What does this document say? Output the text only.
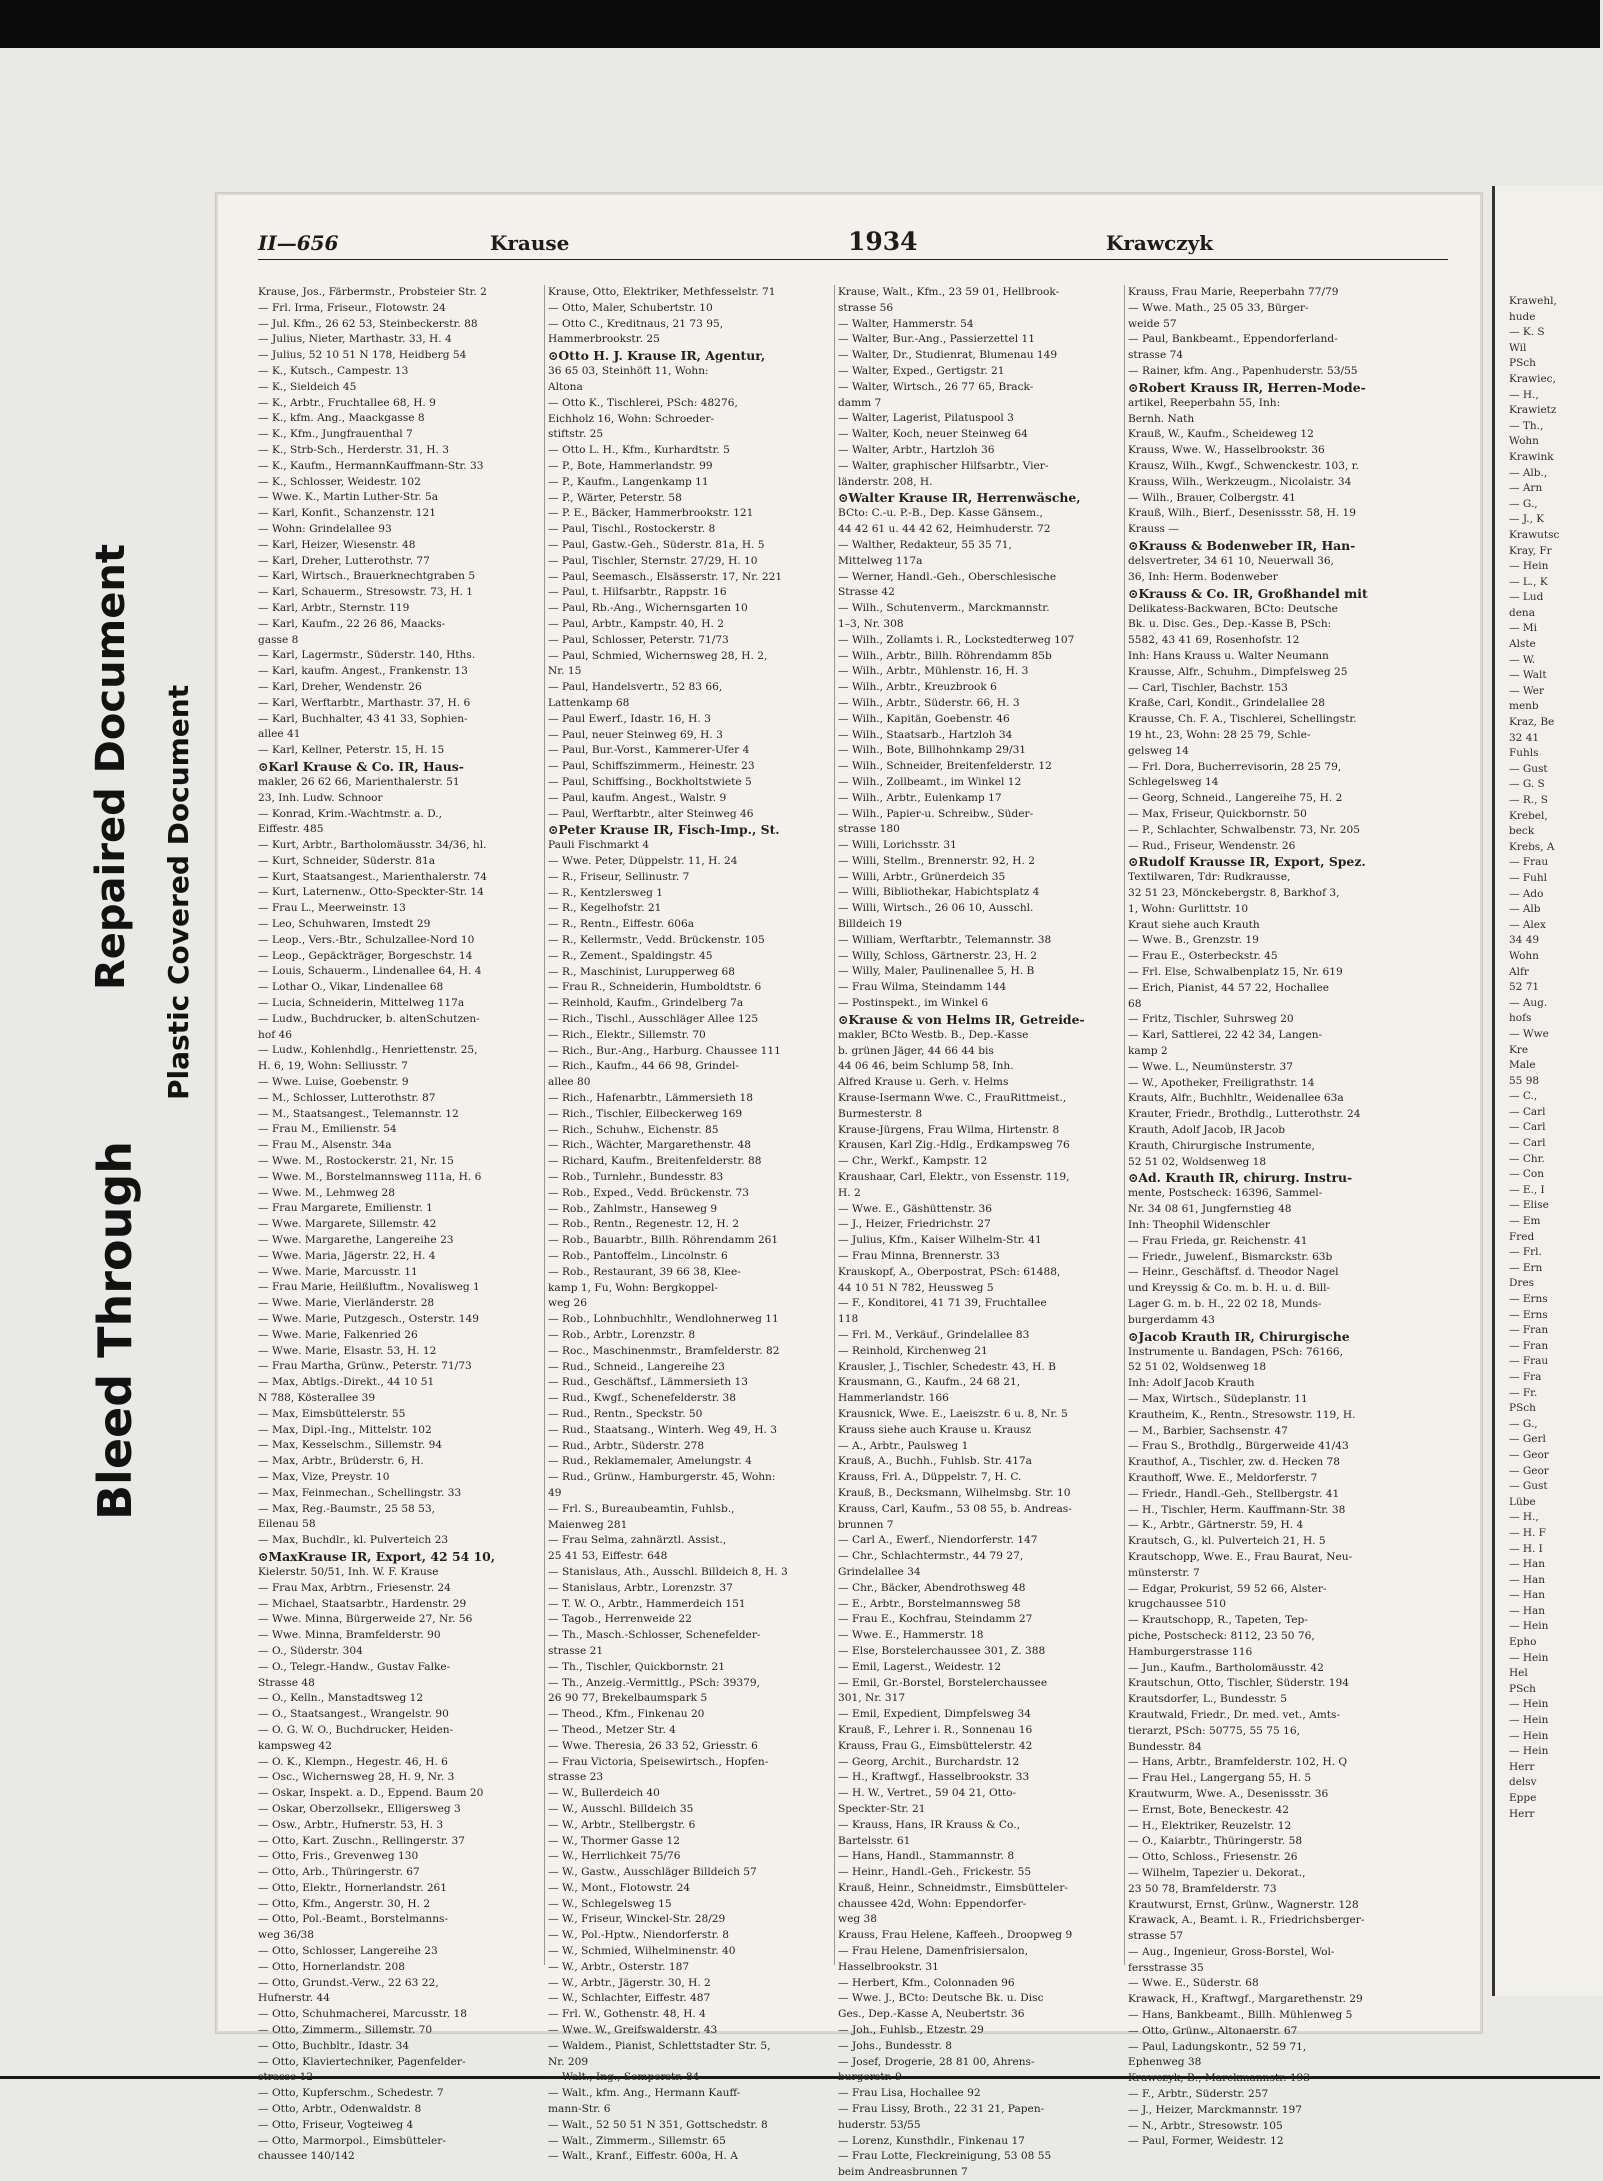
Bleed Through
Repaired Document Plastic Covered Document
II—656	Krause	1934	Krawczyk
Krause, Jos., Färbermstr., Probsteier Str. 2
— Frl. Irma, Friseur., Flotowstr. 24
— Jul. Kfm., 26 62 53, Steinbeckerstr. 88
— Julius, Nieter, Marthastr. 33, H. 4
— Julius, 52 10 51 N 178, Heidberg 54
— K., Kutsch., Campestr. 13
— K., Sieldeich 45
— K., Arbtr., Fruchtallee 68, H. 9
— K., kfm. Ang., Maackgasse 8
— K., Kfm., Jungfrauenthal 7
— K., Strb-Sch., Herderstr. 31, H. 3
— K., Kaufm., HermannKauffmann-Str. 33
— K., Schlosser, Weidestr. 102
— Wwe. K., Martin Luther-Str. 5a
— Karl, Konfit., Schanzenstr. 121
— Wohn: Grindelallee 93
— Karl, Heizer, Wiesenstr. 48
— Karl, Dreher, Lutterothstr. 77
— Karl, Wirtsch., Brauerknechtgraben 5
— Karl, Schauerm., Stresowstr. 73, H. 1
— Karl, Arbtr., Sternstr. 119
— Karl, Kaufm., 22 26 86, Maacks-
gasse 8
— Karl, Lagermstr., Süderstr. 140, Hths.
— Karl, kaufm. Angest., Frankenstr. 13
— Karl, Dreher, Wendenstr. 26
— Karl, Werftarbtr., Marthastr. 37, H. 6
— Karl, Buchhalter, 43 41 33, Sophien-
allee 41
— Karl, Kellner, Peterstr. 15, H. 15
⊙ Karl Krause & Co. IR, Haus-
makler, 26 62 66, Marienthalerstr. 51
23, Inh. Ludw. Schnoor
— Konrad, Krim.-Wachtmstr. a. D.,
Eiffestr. 485
— Kurt, Arbtr., Bartholomäusstr. 34/36, hl.
— Kurt, Schneider, Süderstr. 81a
— Kurt, Staatsangest., Marienthalerstr. 74
— Kurt, Laternenw., Otto-Speckter-Str. 14
— Frau L., Meerweinstr. 13
— Leo, Schuhwaren, Imstedt 29
— Leop., Vers.-Btr., Schulzallee-Nord 10
— Leop., Gepäckträger, Borgeschstr. 14
— Louis, Schauerm., Lindenallee 64, H. 4
— Lothar O., Vikar, Lindenallee 68
— Lucia, Schneiderin, Mittelweg 117a
— Ludw., Buchdrucker, b. altenSchutzen-
hof 46
— Ludw., Kohlenhdlg., Henriettenstr. 25,
H. 6, 19, Wohn: Selliusstr. 7
— Wwe. Luise, Goebenstr. 9
— M., Schlosser, Lutterothstr. 87
— M., Staatsangest., Telemannstr. 12
— Frau M., Emilienstr. 54
— Frau M., Alsenstr. 34a
— Wwe. M., Rostockerstr. 21, Nr. 15
— Wwe. M., Borstelmannsweg 111a, H. 6
— Wwe. M., Lehmweg 28
— Frau Margarete, Emilienstr. 1
— Wwe. Margarete, Sillemstr. 42
— Wwe. Margarethe, Langereihe 23
— Wwe. Maria, Jägerstr. 22, H. 4
— Wwe. Marie, Marcusstr. 11
— Frau Marie, Heilßluftm., Novalisweg 1
— Wwe. Marie, Vierländerstr. 28
— Wwe. Marie, Putzgesch., Osterstr. 149
— Wwe. Marie, Falkenried 26
— Wwe. Marie, Elsastr. 53, H. 12
— Frau Martha, Grünw., Peterstr. 71/73
— Max, Abtlgs.-Direkt., 44 10 51
N 788, Kösterallee 39
— Max, Eimsbüttelerstr. 55
— Max, Dipl.-Ing., Mittelstr. 102
— Max, Kesselschm., Sillemstr. 94
— Max, Arbtr., Brüderstr. 6, H.
— Max, Vize, Preystr. 10
— Max, Feinmechan., Schellingstr. 33
— Max, Reg.-Baumstr., 25 58 53,
Eilenau 58
— Max, Buchdlr., kl. Pulverteich 23
⊙ MaxKrause IR, Export, 42 54 10,
Kielerstr. 50/51, Inh. W. F. Krause
— Frau Max, Arbtrn., Friesenstr. 24
— Michael, Staatsarbtr., Hardenstr. 29
— Wwe. Minna, Bürgerweide 27, Nr. 56
— Wwe. Minna, Bramfelderstr. 90
— O., Süderstr. 304
— O., Telegr.-Handw., Gustav Falke-
Strasse 48
— O., Kelln., Manstadtsweg 12
— O., Staatsangest., Wrangelstr. 90
— O. G. W. O., Buchdrucker, Heiden-
kampsweg 42
— O. K., Klempn., Hegestr. 46, H. 6
— Osc., Wichernsweg 28, H. 9, Nr. 3
— Oskar, Inspekt. a. D., Eppend. Baum 20
— Oskar, Oberzollsekr., Elligersweg 3
— Osw., Arbtr., Hufnerstr. 53, H. 3
— Otto, Kart. Zuschn., Rellingerstr. 37
— Otto, Fris., Grevenweg 130
— Otto, Arb., Thüringerstr. 67
— Otto, Elektr., Hornerlandstr. 261
— Otto, Kfm., Angerstr. 30, H. 2
— Otto, Pol.-Beamt., Borstelmanns-
weg 36/38
— Otto, Schlosser, Langereihe 23
— Otto, Hornerlandstr. 208
— Otto, Grundst.-Verw., 22 63 22,
Hufnerstr. 44
— Otto, Schuhmacherei, Marcusstr. 18
— Otto, Zimmerm., Sillemstr. 70
— Otto, Buchbltr., Idastr. 34
— Otto, Klaviertechniker, Pagenfelder-
strasse 12
— Otto, Kupferschm., Schedestr. 7
— Otto, Arbtr., Odenwaldstr. 8
— Otto, Friseur, Vogteiweg 4
— Otto, Marmorpol., Eimsbütteler-
chaussee 140/142
Krause, Otto, Elektriker, Methfesselstr. 71
— Otto, Maler, Schubertstr. 10
— Otto C., Kreditnaus, 21 73 95,
Hammerbrookstr. 25
⊙ Otto H. J. Krause IR, Agentur,
36 65 03, Steinhöft 11, Wohn:
Altona
— Otto K., Tischlerei, PSch: 48276,
Eichholz 16, Wohn: Schroeder-
stiftstr. 25
— Otto L. H., Kfm., Kurhardtstr. 5
— P., Bote, Hammerlandstr. 99
— P., Kaufm., Langenkamp 11
— P., Wärter, Peterstr. 58
— P. E., Bäcker, Hammerbrookstr. 121
— Paul, Tischl., Rostockerstr. 8
— Paul, Gastw.-Geh., Süderstr. 81a, H. 5
— Paul, Tischler, Sternstr. 27/29, H. 10
— Paul, Seemasch., Elsässerstr. 17, Nr. 221
— Paul, t. Hilfsarbtr., Rappstr. 16
— Paul, Rb.-Ang., Wichernsgarten 10
— Paul, Arbtr., Kampstr. 40, H. 2
— Paul, Schlosser, Peterstr. 71/73
— Paul, Schmied, Wichernsweg 28, H. 2,
Nr. 15
— Paul, Handelsvertr., 52 83 66,
Lattenkamp 68
— Paul Ewerf., Idastr. 16, H. 3
— Paul, neuer Steinweg 69, H. 3
— Paul, Bur.-Vorst., Kammerer-Ufer 4
— Paul, Schiffszimmerm., Heinestr. 23
— Paul, Schiffsing., Bockholtstwiete 5
— Paul, kaufm. Angest., Walstr. 9
— Paul, Werftarbtr., alter Steinweg 46
⊙ Peter Krause IR, Fisch-Imp., St.
Pauli Fischmarkt 4
— Wwe. Peter, Düppelstr. 11, H. 24
— R., Friseur, Sellinustr. 7
— R., Kentzlersweg 1
— R., Kegelhofstr. 21
— R., Rentn., Eiffestr. 606a
— R., Kellermstr., Vedd. Brückenstr. 105
— R., Zement., Spaldingstr. 45
— R., Maschinist, Lurupperweg 68
— Frau R., Schneiderin, Humboldtstr. 6
— Reinhold, Kaufm., Grindelberg 7a
— Rich., Tischl., Ausschläger Allee 125
— Rich., Elektr., Sillemstr. 70
— Rich., Bur.-Ang., Harburg. Chaussee 111
— Rich., Kaufm., 44 66 98, Grindel-
allee 80
— Rich., Hafenarbtr., Lämmersieth 18
— Rich., Tischler, Eilbeckerweg 169
— Rich., Schuhw., Eichenstr. 85
— Rich., Wächter, Margarethenstr. 48
— Richard, Kaufm., Breitenfelderstr. 88
— Rob., Turnlehr., Bundesstr. 83
— Rob., Exped., Vedd. Brückenstr. 73
— Rob., Zahlmstr., Hanseweg 9
— Rob., Rentn., Regenestr. 12, H. 2
— Rob., Bauarbtr., Billh. Röhrendamm 261
— Rob., Pantoffelm., Lincolnstr. 6
— Rob., Restaurant, 39 66 38, Klee-
kamp 1, Fu, Wohn: Bergkoppel-
weg 26
— Rob., Lohnbuchhltr., Wendlohnerweg 11
— Rob., Arbtr., Lorenzstr. 8
— Roc., Maschinenmstr., Bramfelderstr. 82
— Rud., Schneid., Langereihe 23
— Rud., Geschäftsf., Lämmersieth 13
— Rud., Kwgf., Schenefelderstr. 38
— Rud., Rentn., Speckstr. 50
— Rud., Staatsang., Winterh. Weg 49, H. 3
— Rud., Arbtr., Süderstr. 278
— Rud., Reklamemaler, Amelungstr. 4
— Rud., Grünw., Hamburgerstr. 45, Wohn:
49
— Frl. S., Bureaubeamtin, Fuhlsb.,
Maienweg 281
— Frau Selma, zahnärztl. Assist.,
25 41 53, Eiffestr. 648
— Stanislaus, Ath., Ausschl. Billdeich 8, H. 3
— Stanislaus, Arbtr., Lorenzstr. 37
— T. W. O., Arbtr., Hammerdeich 151
— Tagob., Herrenweide 22
— Th., Masch.-Schlosser, Schenefelder-
strasse 21
— Th., Tischler, Quickbornstr. 21
— Th., Anzeig.-Vermittlg., PSch: 39379,
26 90 77, Brekelbaumspark 5
— Theod., Kfm., Finkenau 20
— Theod., Metzer Str. 4
— Wwe. Theresia, 26 33 52, Griesstr. 6
— Frau Victoria, Speisewirtsch., Hopfen-
strasse 23
— W., Bullerdeich 40
— W., Ausschl. Billdeich 35
— W., Arbtr., Stellbergstr. 6
— W., Thormer Gasse 12
— W., Herrlichkeit 75/76
— W., Gastw., Ausschläger Billdeich 57
— W., Mont., Flotowstr. 24
— W., Schlegelsweg 15
— W., Friseur, Winckel-Str. 28/29
— W., Pol.-Hptw., Niendorferstr. 8
— W., Schmied, Wilhelminenstr. 40
— W., Arbtr., Osterstr. 187
— W., Arbtr., Jägerstr. 30, H. 2
— W., Schlachter, Eiffestr. 487
— Frl. W., Gothenstr. 48, H. 4
— Wwe. W., Greifswalderstr. 43
— Waldem., Pianist, Schlettstadter Str. 5,
Nr. 209
— Walt., Ing., Semperstr. 84
— Walt., kfm. Ang., Hermann Kauff-
mann-Str. 6
— Walt., 52 50 51 N 351, Gottschedstr. 8
— Walt., Zimmerm., Sillemstr. 65
— Walt., Kranf., Eiffestr. 600a, H. A
Krause, Walt., Kfm., 23 59 01, Hellbrook-
strasse 56
— Walter, Hammerstr. 54
— Walter, Bur.-Ang., Passierzettel 11
— Walter, Dr., Studienrat, Blumenau 149
— Walter, Exped., Gertigstr. 21
— Walter, Wirtsch., 26 77 65, Brack-
damm 7
— Walter, Lagerist, Pilatuspool 3
— Walter, Koch, neuer Steinweg 64
— Walter, Arbtr., Hartzloh 36
— Walter, graphischer Hilfsarbtr., Vier-
länderstr. 208, H.
⊙ Walter Krause IR, Herrenwäsche,
BCto: C.-u. P.-B., Dep. Kasse Gänsem.,
44 42 61 u. 44 42 62, Heimhuderstr. 72
— Walther, Redakteur, 55 35 71,
Mittelweg 117a
— Werner, Handl.-Geh., Oberschlesische
Strasse 42
— Wilh., Schutenverm., Marckmannstr.
1–3, Nr. 308
— Wilh., Zollamts i. R., Lockstedterweg 107
— Wilh., Arbtr., Billh. Röhrendamm 85b
— Wilh., Arbtr., Mühlenstr. 16, H. 3
— Wilh., Arbtr., Kreuzbrook 6
— Wilh., Arbtr., Süderstr. 66, H. 3
— Wilh., Kapitän, Goebenstr. 46
— Wilh., Staatsarb., Hartzloh 34
— Wilh., Bote, Billhohnkamp 29/31
— Wilh., Schneider, Breitenfelderstr. 12
— Wilh., Zollbeamt., im Winkel 12
— Wilh., Arbtr., Eulenkamp 17
— Wilh., Papier-u. Schreibw., Süder-
strasse 180
— Willi, Lorichsstr. 31
— Willi, Stellm., Brennerstr. 92, H. 2
— Willi, Arbtr., Grünerdeich 35
— Willi, Bibliothekar, Habichtsplatz 4
— Willi, Wirtsch., 26 06 10, Ausschl.
Billdeich 19
— William, Werftarbtr., Telemannstr. 38
— Willy, Schloss, Gärtnerstr. 23, H. 2
— Willy, Maler, Paulinenallee 5, H. B
— Frau Wilma, Steindamm 144
— Postinspekt., im Winkel 6
⊙ Krause & von Helms IR, Getreide-
makler, BCto Westb. B., Dep.-Kasse
b. grünen Jäger, 44 66 44 bis
44 06 46, beim Schlump 58, Inh.
Alfred Krause u. Gerh. v. Helms
Krause-Isermann Wwe. C., FrauRittmeist.,
Burmesterstr. 8
Krause-Jürgens, Frau Wilma, Hirtenstr. 8
Krausen, Karl Zig.-Hdlg., Erdkampsweg 76
— Chr., Werkf., Kampstr. 12
Kraushaar, Carl, Elektr., von Essenstr. 119,
H. 2
— Wwe. E., Gäshüttenstr. 36
— J., Heizer, Friedrichstr. 27
— Julius, Kfm., Kaiser Wilhelm-Str. 41
— Frau Minna, Brennerstr. 33
Krauskopf, A., Oberpostrat, PSch: 61488,
44 10 51 N 782, Heussweg 5
— F., Konditorei, 41 71 39, Fruchtallee
118
— Frl. M., Verkäuf., Grindelallee 83
— Reinhold, Kirchenweg 21
Krausler, J., Tischler, Schedestr. 43, H. B
Krausmann, G., Kaufm., 24 68 21,
Hammerlandstr. 166
Krausnick, Wwe. E., Laeiszstr. 6 u. 8, Nr. 5
Krauss siehe auch Krause u. Krausz
— A., Arbtr., Paulsweg 1
Krauß, A., Buchh., Fuhlsb. Str. 417a
Krauss, Frl. A., Düppelstr. 7, H. C.
Krauß, B., Decksmann, Wilhelmsbg. Str. 10
Krauss, Carl, Kaufm., 53 08 55, b. Andreas-
brunnen 7
— Carl A., Ewerf., Niendorferstr. 147
— Chr., Schlachtermstr., 44 79 27,
Grindelallee 34
— Chr., Bäcker, Abendrothsweg 48
— E., Arbtr., Borstelmannsweg 58
— Frau E., Kochfrau, Steindamm 27
— Wwe. E., Hammerstr. 18
— Else, Borstelerchaussee 301, Z. 388
— Emil, Lagerst., Weidestr. 12
— Emil, Gr.-Borstel, Borstelerchaussee
301, Nr. 317
— Emil, Expedient, Dimpfelsweg 34
Krauß, F., Lehrer i. R., Sonnenau 16
Krauss, Frau G., Eimsbüttelerstr. 42
— Georg, Archit., Burchardstr. 12
— H., Kraftwgf., Hasselbrookstr. 33
— H. W., Vertret., 59 04 21, Otto-
Speckter-Str. 21
— Krauss, Hans, IR Krauss & Co.,
Bartelsstr. 61
— Hans, Handl., Stammannstr. 8
— Heinr., Handl.-Geh., Frickestr. 55
Krauß, Heinr., Schneidmstr., Eimsbütteler-
chaussee 42d, Wohn: Eppendorfer-
weg 38
Krauss, Frau Helene, Kaffeeh., Droopweg 9
— Frau Helene, Damenfrisiersalon,
Hasselbrookstr. 31
— Herbert, Kfm., Colonnaden 96
— Wwe. J., BCto: Deutsche Bk. u. Disc
Ges., Dep.-Kasse A, Neubertstr. 36
— Joh., Fuhlsb., Etzestr. 29
— Johs., Bundesstr. 8
— Josef, Drogerie, 28 81 00, Ahrens-
burgerstr. 9
— Frau Lisa, Hochallee 92
— Frau Lissy, Broth., 22 31 21, Papen-
huderstr. 53/55
— Lorenz, Kunsthdlr., Finkenau 17
— Frau Lotte, Fleckreinigung, 53 08 55
beim Andreasbrunnen 7
Krauss, Frau Marie, Reeperbahn 77/79
— Wwe. Math., 25 05 33, Bürger-
weide 57
— Paul, Bankbeamt., Eppendorferland-
strasse 74
— Rainer, kfm. Ang., Papenhuderstr. 53/55
⊙ Robert Krauss IR, Herren-Mode-
artikel, Reeperbahn 55, Inh:
Bernh. Nath
Krauß, W., Kaufm., Scheideweg 12
Krauss, Wwe. W., Hasselbrookstr. 36
Krausz, Wilh., Kwgf., Schwenckestr. 103, r.
Krauss, Wilh., Werkzeugm., Nicolaistr. 34
— Wilh., Brauer, Colbergstr. 41
Krauß, Wilh., Bierf., Desenissstr. 58, H. 19
Krauss —
⊙ Krauss & Bodenweber IR, Han-
delsvertreter, 34 61 10, Neuerwall 36,
36, Inh: Herm. Bodenweber
⊙ Krauss & Co. IR, Großhandel mit
Delikatess-Backwaren, BCto: Deutsche
Bk. u. Disc. Ges., Dep.-Kasse B, PSch:
5582, 43 41 69, Rosenhofstr. 12
Inh: Hans Krauss u. Walter Neumann
Krausse, Alfr., Schuhm., Dimpfelsweg 25
— Carl, Tischler, Bachstr. 153
Kraße, Carl, Kondit., Grindelallee 28
Krausse, Ch. F. A., Tischlerei, Schellingstr.
19 ht., 23, Wohn: 28 25 79, Schle-
gelsweg 14
— Frl. Dora, Bucherrevisorin, 28 25 79,
Schlegelsweg 14
— Georg, Schneid., Langereihe 75, H. 2
— Max, Friseur, Quickbornstr. 50
— P., Schlachter, Schwalbenstr. 73, Nr. 205
— Rud., Friseur, Wendenstr. 26
⊙ Rudolf Krausse IR, Export, Spez.
Textilwaren, Tdr: Rudkrausse,
32 51 23, Mönckebergstr. 8, Barkhof 3,
1, Wohn: Gurlittstr. 10
Kraut siehe auch Krauth
— Wwe. B., Grenzstr. 19
— Frau E., Osterbeckstr. 45
— Frl. Else, Schwalbenplatz 15, Nr. 619
— Erich, Pianist, 44 57 22, Hochallee
68
— Fritz, Tischler, Suhrsweg 20
— Karl, Sattlerei, 22 42 34, Langen-
kamp 2
— Wwe. L., Neumünsterstr. 37
— W., Apotheker, Freiligrathstr. 14
Krauts, Alfr., Buchhltr., Weidenallee 63a
Krauter, Friedr., Brothdlg., Lutterothstr. 24
Krauth, Adolf Jacob, IR Jacob
Krauth, Chirurgische Instrumente,
52 51 02, Woldsenweg 18
⊙ Ad. Krauth IR, chirurg. Instru-
mente, Postscheck: 16396, Sammel-
Nr. 34 08 61, Jungfernstieg 48
Inh: Theophil Widenschler
— Frau Frieda, gr. Reichenstr. 41
— Friedr., Juwelenf., Bismarckstr. 63b
— Heinr., Geschäftsf. d. Theodor Nagel
und Kreyssig & Co. m. b. H. u. d. Bill-
Lager G. m. b. H., 22 02 18, Munds-
burgerdamm 43
⊙ Jacob Krauth IR, Chirurgische
Instrumente u. Bandagen, PSch: 76166,
52 51 02, Woldsenweg 18
Inh: Adolf Jacob Krauth
— Max, Wirtsch., Südeplanstr. 11
Krautheim, K., Rentn., Stresowstr. 119, H.
— M., Barbier, Sachsenstr. 47
— Frau S., Brothdlg., Bürgerweide 41/43
Krauthof, A., Tischler, zw. d. Hecken 78
Krauthoff, Wwe. E., Meldorferstr. 7
— Friedr., Handl.-Geh., Stellbergstr. 41
— H., Tischler, Herm. Kauffmann-Str. 38
— K., Arbtr., Gärtnerstr. 59, H. 4
Krautsch, G., kl. Pulverteich 21, H. 5
Krautschopp, Wwe. E., Frau Baurat, Neu-
münsterstr. 7
— Edgar, Prokurist, 59 52 66, Alster-
krugchaussee 510
— Krautschopp, R., Tapeten, Tep-
piche, Postscheck: 8112, 23 50 76,
Hamburgerstrasse 116
— Jun., Kaufm., Bartholomäusstr. 42
Krautschun, Otto, Tischler, Süderstr. 194
Krautsdorfer, L., Bundesstr. 5
Krautwald, Friedr., Dr. med. vet., Amts-
tierarzt, PSch: 50775, 55 75 16,
Bundesstr. 84
— Hans, Arbtr., Bramfelderstr. 102, H. Q
— Frau Hel., Langergang 55, H. 5
Krautwurm, Wwe. A., Desenissstr. 36
— Ernst, Bote, Beneckestr. 42
— H., Elektriker, Reuzelstr. 12
— O., Kaiarbtr., Thüringerstr. 58
— Otto, Schloss., Friesenstr. 26
— Wilhelm, Tapezier u. Dekorat.,
23 50 78, Bramfelderstr. 73
Krautwurst, Ernst, Grünw., Wagnerstr. 128
Krawack, A., Beamt. i. R., Friedrichsberger-
strasse 57
— Aug., Ingenieur, Gross-Borstel, Wol-
fersstrasse 35
— Wwe. E., Süderstr. 68
Krawack, H., Kraftwgf., Margarethenstr. 29
— Hans, Bankbeamt., Billh. Mühlenweg 5
— Otto, Grünw., Altonaerstr. 67
— Paul, Ladungskontr., 52 59 71,
Ephenweg 38
Krawczyk, B., Marckmannstr. 193
— F., Arbtr., Süderstr. 257
— J., Heizer, Marckmannstr. 197
— N., Arbtr., Stresowstr. 105
— Paul, Former, Weidestr. 12
Krawehl,
hude
— K. S
Wil
PSch
Krawiec,
— H.,
Krawietz
— Th.,
Wohn
Krawink
— Alb.,
— Arn
— G.,
— J., K
Krawutsc
Kray, Fr
— Hein
— L., K
— Lud
dena
— Mi
Alste
— W.
— Walt
— Wer
menb
Kraz, Be
32 41
Fuhls
— Gust
— G. S
— R., S
Krebel,
beck
Krebs, A
— Frau
— Fuhl
— Ado
— Alb
— Alex
34 49
Wohn
Alfr
52 71
— Aug.
hofs
— Wwe
Kre
Male
55 98
— C.,
— Carl
— Carl
— Carl
— Chr.
— Con
— E., I
— Elise
— Em
Fred
— Frl.
— Ern
Dres
— Erns
— Erns
— Fran
— Fran
— Frau
— Fra
— Fr.
PSch
— G.,
— Gerl
— Geor
— Geor
— Gust
Lübe
— H.,
— H. F
— H. I
— Han
— Han
— Han
— Han
— Hein
Epho
— Hein
Hel
PSch
— Hein
— Hein
— Hein
— Hein
Herr
delsv
Eppe
Herr
